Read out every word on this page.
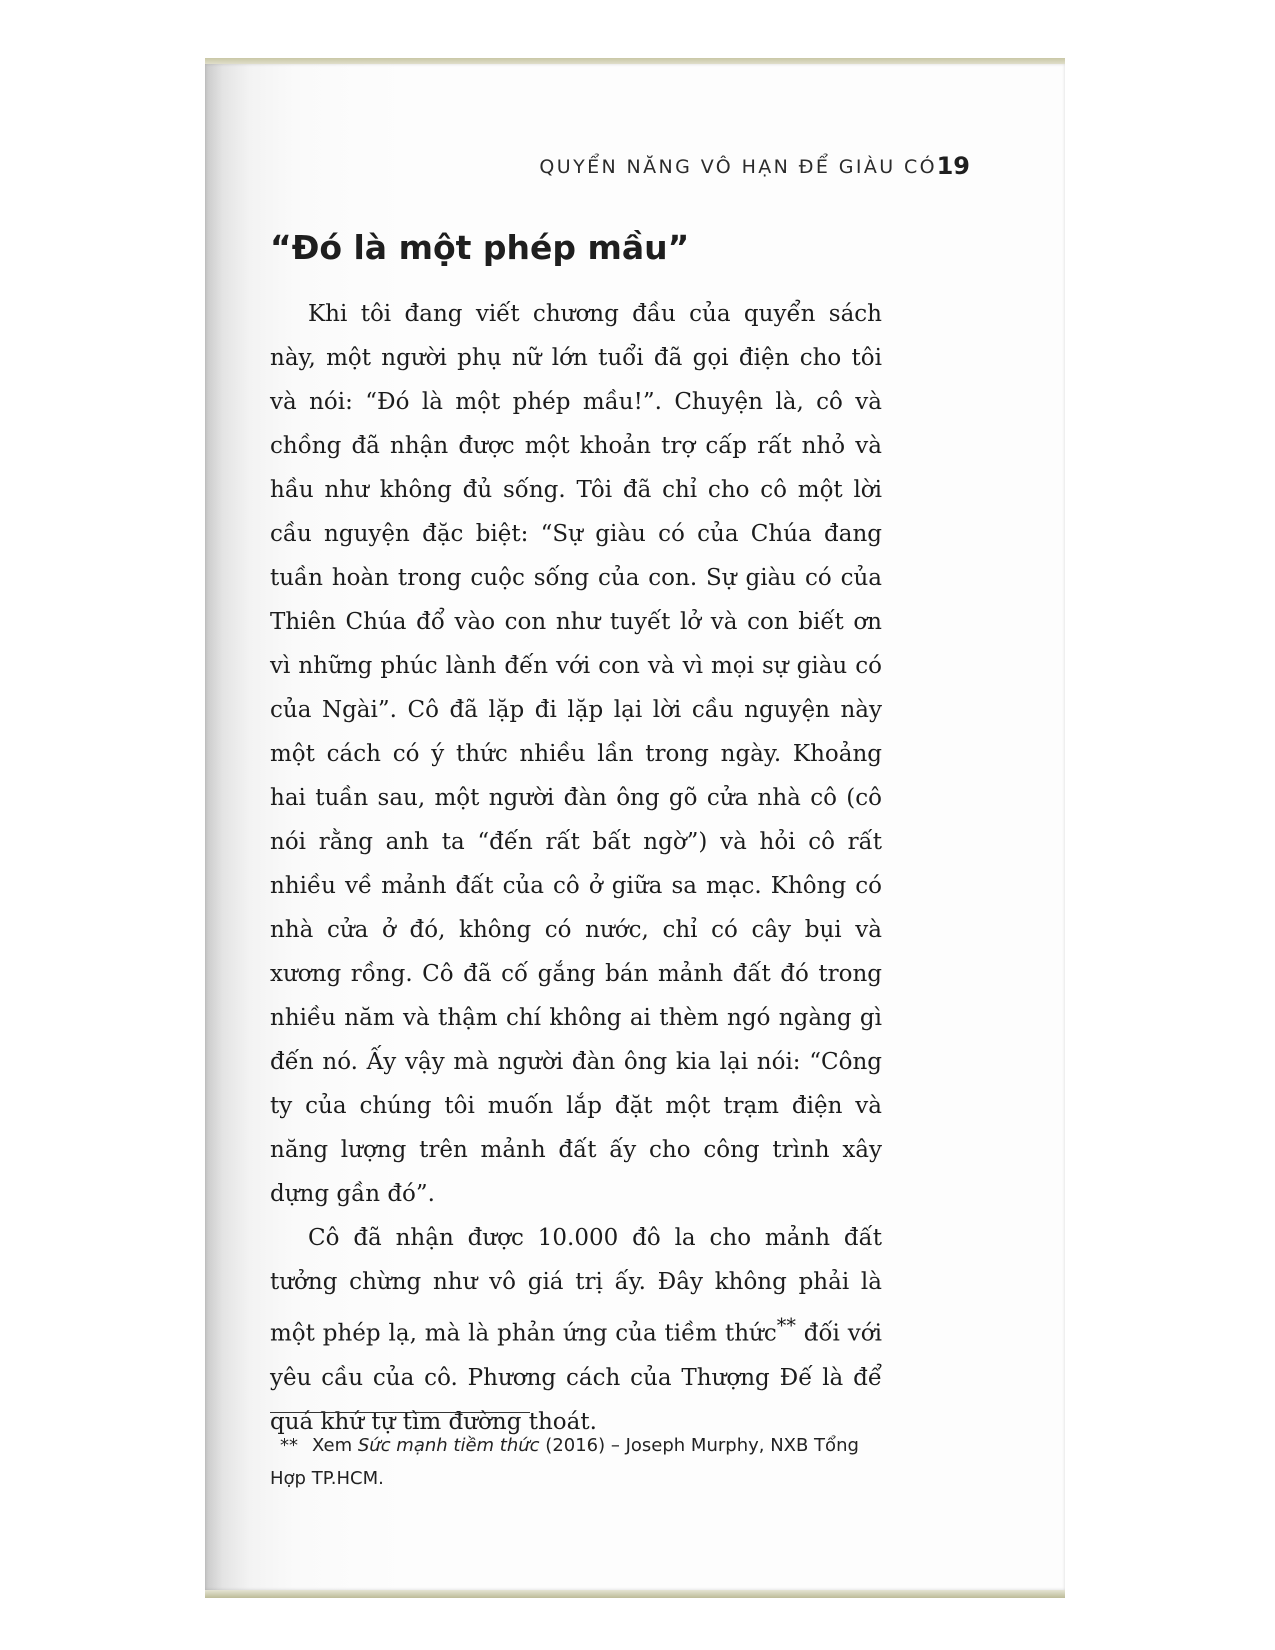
QUYỂN NĂNG VÔ HẠN ĐỂ GIÀU CÓ 19
“Đó là một phép mầu”

Khi tôi đang viết chương đầu của quyển sách này, một người phụ nữ lớn tuổi đã gọi điện cho tôi và nói: “Đó là một phép mầu!”. Chuyện là, cô và chồng đã nhận được một khoản trợ cấp rất nhỏ và hầu như không đủ sống. Tôi đã chỉ cho cô một lời cầu nguyện đặc biệt: “Sự giàu có của Chúa đang tuần hoàn trong cuộc sống của con. Sự giàu có của Thiên Chúa đổ vào con như tuyết lở và con biết ơn vì những phúc lành đến với con và vì mọi sự giàu có của Ngài”. Cô đã lặp đi lặp lại lời cầu nguyện này một cách có ý thức nhiều lần trong ngày. Khoảng hai tuần sau, một người đàn ông gõ cửa nhà cô (cô nói rằng anh ta “đến rất bất ngờ”) và hỏi cô rất nhiều về mảnh đất của cô ở giữa sa mạc. Không có nhà cửa ở đó, không có nước, chỉ có cây bụi và xương rồng. Cô đã cố gắng bán mảnh đất đó trong nhiều năm và thậm chí không ai thèm ngó ngàng gì đến nó. Ấy vậy mà người đàn ông kia lại nói: “Công ty của chúng tôi muốn lắp đặt một trạm điện và năng lượng trên mảnh đất ấy cho công trình xây dựng gần đó”.

Cô đã nhận được 10.000 đô la cho mảnh đất tưởng chừng như vô giá trị ấy. Đây không phải là một phép lạ, mà là phản ứng của tiềm thức** đối với yêu cầu của cô. Phương cách của Thượng Đế là để quá khứ tự tìm đường thoát.

** Xem Sức mạnh tiềm thức (2016) – Joseph Murphy, NXB Tổng Hợp TP.HCM.
